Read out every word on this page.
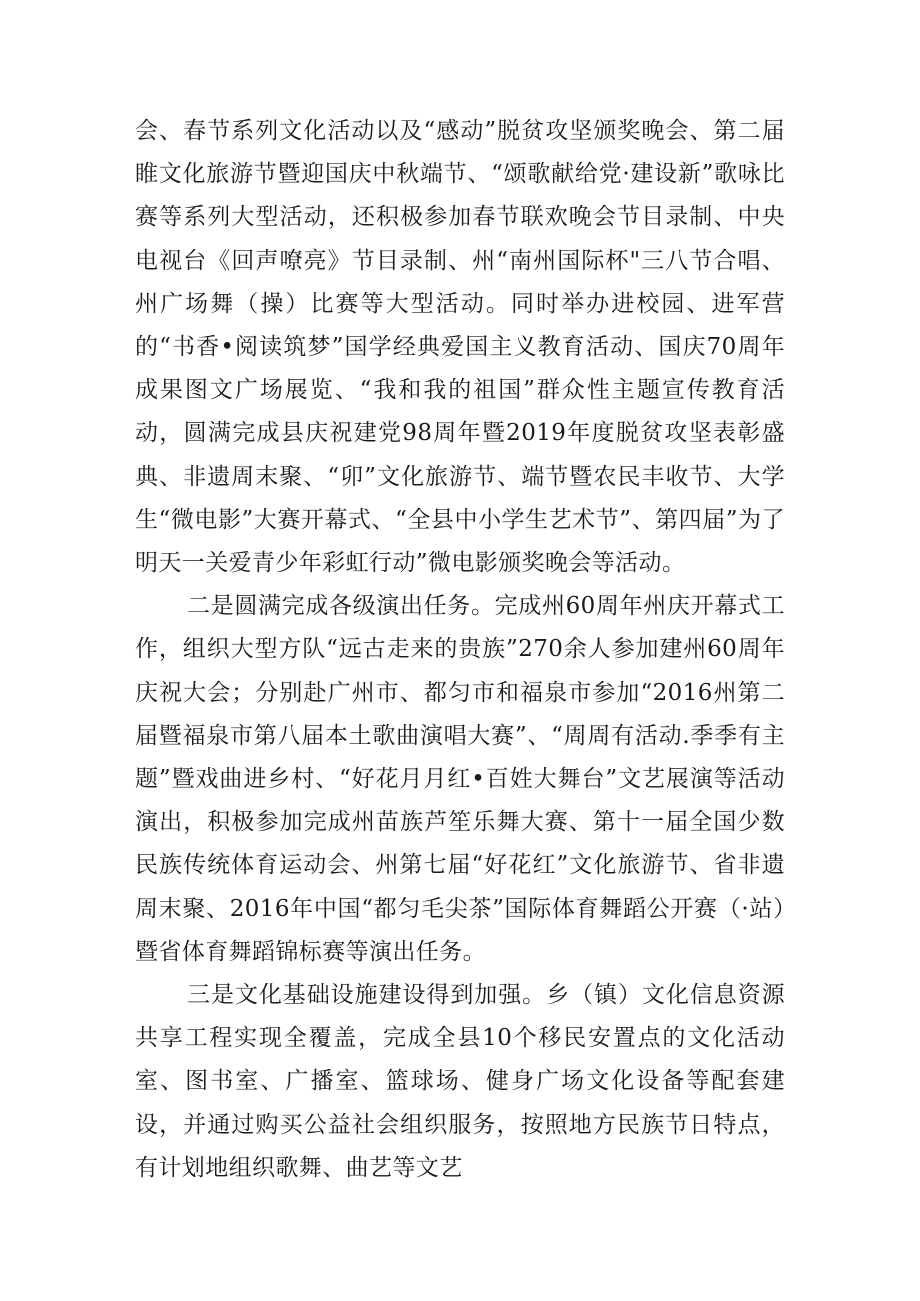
会、春节系列文化活动以及“感动”脱贫攻坚颁奖晚会、第二届睢文化旅游节暨迎国庆中秋端节、“颂歌献给党·建设新”歌咏比赛等系列大型活动，还积极参加春节联欢晚会节目录制、中央电视台《回声嘹亮》节目录制、州“南州国际杯"三八节合唱、州广场舞（操）比赛等大型活动。同时举办进校园、进军营的“书香•阅读筑梦”国学经典爱国主义教育活动、国庆70周年成果图文广场展览、“我和我的祖国”群众性主题宣传教育活动，圆满完成县庆祝建党98周年暨2019年度脱贫攻坚表彰盛典、非遗周末聚、“卯”文化旅游节、端节暨农民丰收节、大学生“微电影”大赛开幕式、“全县中小学生艺术节”、第四届”为了明天一关爱青少年彩虹行动”微电影颁奖晚会等活动。

二是圆满完成各级演出任务。完成州60周年州庆开幕式工作，组织大型方队“远古走来的贵族”270余人参加建州60周年庆祝大会；分别赴广州市、都匀市和福泉市参加“2016州第二届暨福泉市第八届本土歌曲演唱大赛”、“周周有活动.季季有主题”暨戏曲进乡村、“好花月月红•百姓大舞台”文艺展演等活动演出，积极参加完成州苗族芦笙乐舞大赛、第十一届全国少数民族传统体育运动会、州第七届“好花红”文化旅游节、省非遗周末聚、2016年中国“都匀毛尖茶”国际体育舞蹈公开赛（·站）暨省体育舞蹈锦标赛等演出任务。

三是文化基础设施建设得到加强。乡（镇）文化信息资源共享工程实现全覆盖，完成全县10个移民安置点的文化活动室、图书室、广播室、篮球场、健身广场文化设备等配套建设，并通过购买公益社会组织服务，按照地方民族节日特点，有计划地组织歌舞、曲艺等文艺
